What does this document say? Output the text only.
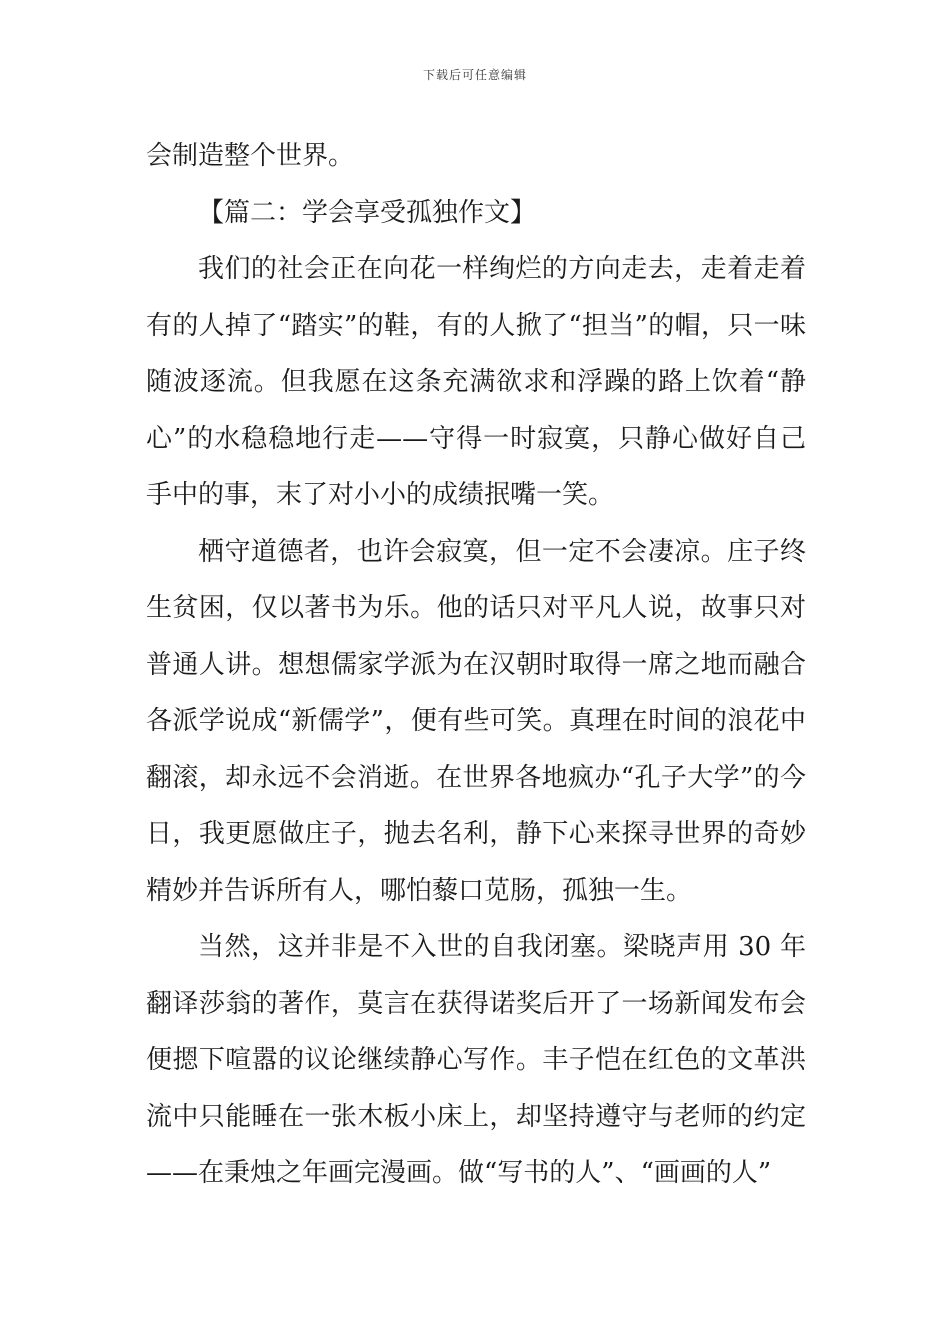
下载后可任意编辑

会制造整个世界。

【篇二：学会享受孤独作文】

我们的社会正在向花一样绚烂的方向走去，走着走着有的人掉了“踏实”的鞋，有的人掀了“担当”的帽，只一味随波逐流。但我愿在这条充满欲求和浮躁的路上饮着“静心”的水稳稳地行走——守得一时寂寞，只静心做好自己手中的事，末了对小小的成绩抿嘴一笑。

栖守道德者，也许会寂寞，但一定不会凄凉。庄子终生贫困，仅以著书为乐。他的话只对平凡人说，故事只对普通人讲。想想儒家学派为在汉朝时取得一席之地而融合各派学说成“新儒学”，便有些可笑。真理在时间的浪花中翻滚，却永远不会消逝。在世界各地疯办“孔子大学”的今日，我更愿做庄子，抛去名利，静下心来探寻世界的奇妙精妙并告诉所有人，哪怕藜口苋肠，孤独一生。

当然，这并非是不入世的自我闭塞。梁晓声用 30 年翻译莎翁的著作，莫言在获得诺奖后开了一场新闻发布会便摁下喧嚣的议论继续静心写作。丰子恺在红色的文革洪流中只能睡在一张木板小床上，却坚持遵守与老师的约定——在秉烛之年画完漫画。做“写书的人”、“画画的人”
